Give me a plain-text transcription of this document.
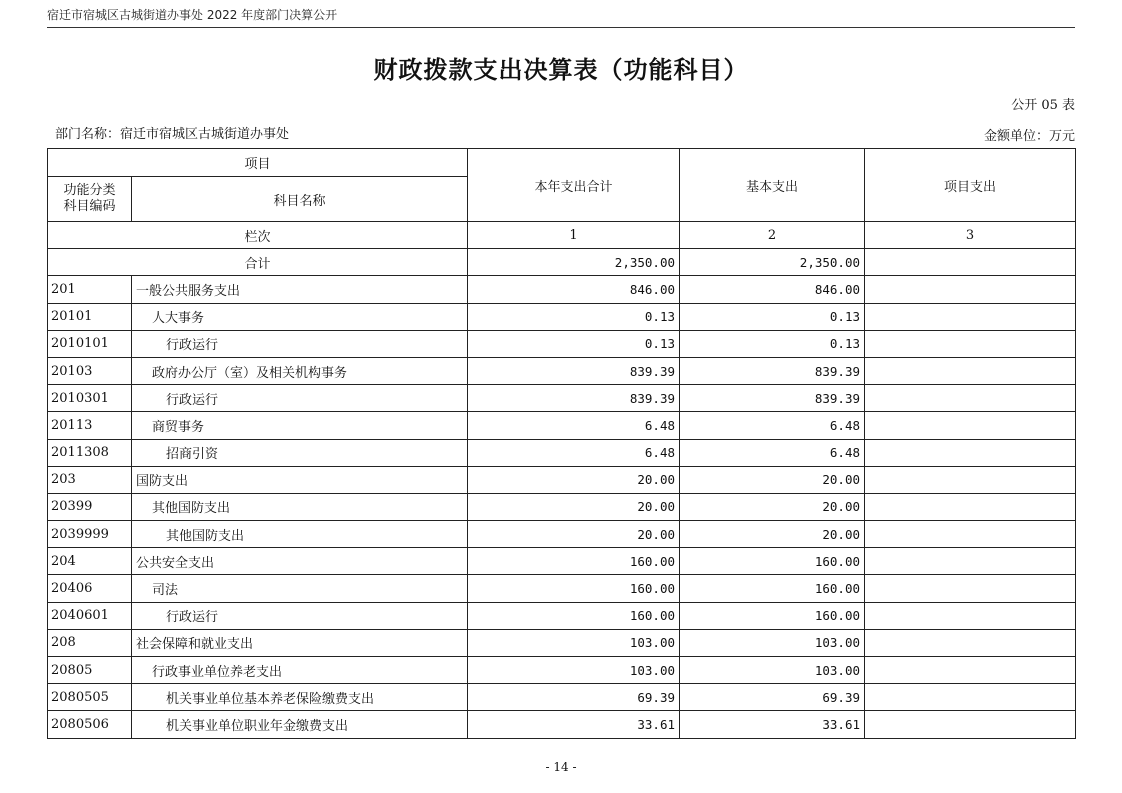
宿迁市宿城区古城街道办事处 2022 年度部门决算公开
财政拨款支出决算表（功能科目）
公开 05 表
部门名称：宿迁市宿城区古城街道办事处	金额单位：万元
项目		本年支出合计	基本支出	项目支出
功能分类
科目编码	科目名称			
栏次		1	2	3
合计		2,350.00	2,350.00	
201	一般公共服务支出	846.00	846.00	
20101	人大事务	0.13	0.13	
2010101	行政运行	0.13	0.13	
20103	政府办公厅（室）及相关机构事务	839.39	839.39	
2010301	行政运行	839.39	839.39	
20113	商贸事务	6.48	6.48	
2011308	招商引资	6.48	6.48	
203	国防支出	20.00	20.00	
20399	其他国防支出	20.00	20.00	
2039999	其他国防支出	20.00	20.00	
204	公共安全支出	160.00	160.00	
20406	司法	160.00	160.00	
2040601	行政运行	160.00	160.00	
208	社会保障和就业支出	103.00	103.00	
20805	行政事业单位养老支出	103.00	103.00	
2080505	机关事业单位基本养老保险缴费支出	69.39	69.39	
2080506	机关事业单位职业年金缴费支出	33.61	33.61	
- 14 -
